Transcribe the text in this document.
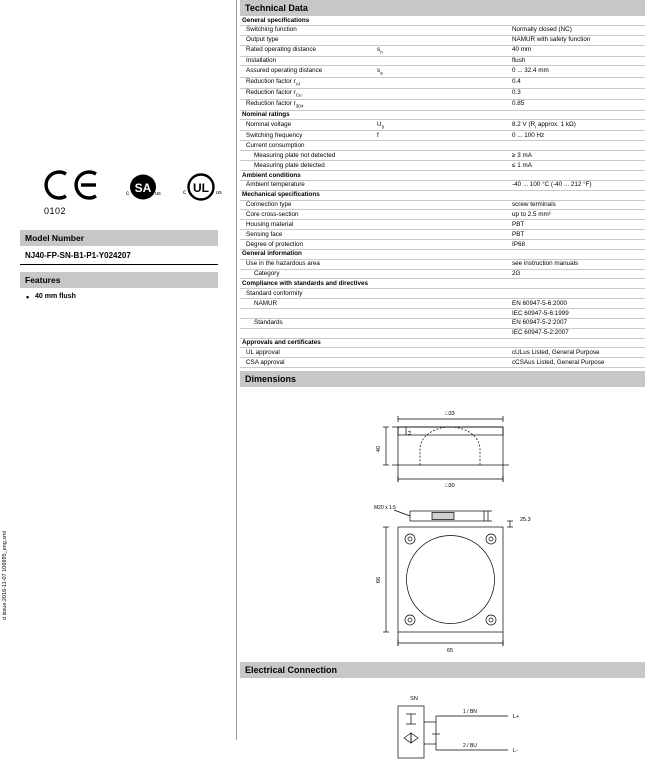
d issue:2016-11-07 106995_eng.xml
0102
SA
c	us	UL
c	us
Model Number
NJ40-FP-SN-B1-P1-Y024207
Features
• 40 mm flush
Technical Data
General specifications		
Switching function		Normally closed (NC)
Output type		NAMUR with safety function
Rated operating distance	$s_n$	40 mm
Installation		flush
Assured operating distance	$s_a$	0 ... 32.4 mm
Reduction factor $r_{Al}$		0.4
Reduction factor $r_{Cu}$		0.3
Reduction factor $r_{304}$		0.85
Nominal ratings		
Nominal voltage	$U_0$	8.2 V ($R_i$ approx. 1 kΩ)
Switching frequency	f	0 ... 100 Hz
Current consumption		
Measuring plate not detected		≥ 3 mA
Measuring plate detected		≤ 1 mA
Ambient conditions		
Ambient temperature		-40 ... 100 °C (-40 ... 212 °F)
Mechanical specifications		
Connection type		screw terminals
Core cross-section		up to 2.5 mm²
Housing material		PBT
Sensing face		PBT
Degree of protection		IP68
General information		
Use in the hazardous area		see instruction manuals
Category		2G
Compliance with standards and directives		
Standard conformity		
NAMUR		EN 60947-5-6:2000
		IEC 60947-5-6:1999
Standards		EN 60947-5-2:2007
		IEC 60947-5-2:2007
Approvals and certificates		
UL approval		cULus Listed, General Purpose
CSA approval		cCSAus Listed, General Purpose
Dimensions
□33
□30
40
14
M20 x 1.5
25.3
66
65
Electrical Connection
SN
1 / BN
2 / BU
L+
L-
